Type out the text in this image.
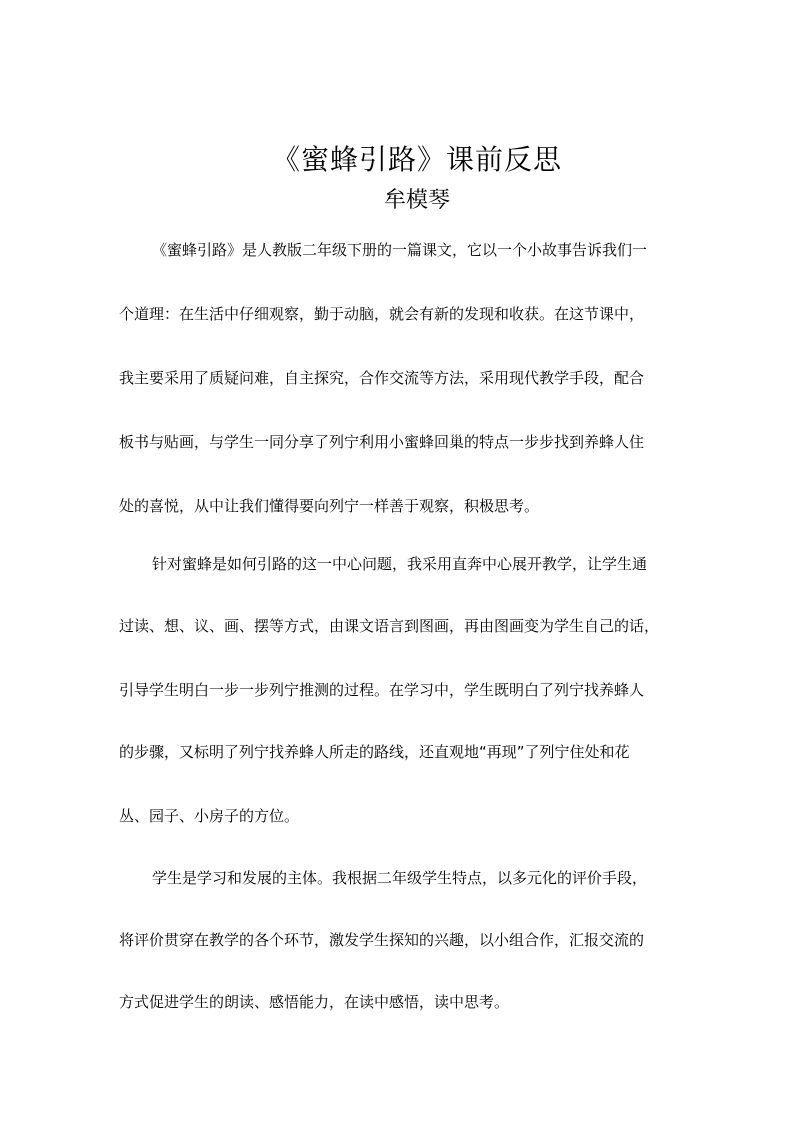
《蜜蜂引路》课前反思
牟模琴
《蜜蜂引路》是人教版二年级下册的一篇课文，它以一个小故事告诉我们一
个道理：在生活中仔细观察，勤于动脑，就会有新的发现和收获。在这节课中，
我主要采用了质疑问难，自主探究，合作交流等方法，采用现代教学手段，配合
板书与贴画，与学生一同分享了列宁利用小蜜蜂回巢的特点一步步找到养蜂人住
处的喜悦，从中让我们懂得要向列宁一样善于观察，积极思考。
针对蜜蜂是如何引路的这一中心问题，我采用直奔中心展开教学，让学生通
过读、想、议、画、摆等方式，由课文语言到图画，再由图画变为学生自己的话，
引导学生明白一步一步列宁推测的过程。在学习中，学生既明白了列宁找养蜂人
的步骤，又标明了列宁找养蜂人所走的路线，还直观地“再现”了列宁住处和花
丛、园子、小房子的方位。
学生是学习和发展的主体。我根据二年级学生特点，以多元化的评价手段，
将评价贯穿在教学的各个环节，激发学生探知的兴趣，以小组合作，汇报交流的
方式促进学生的朗读、感悟能力，在读中感悟，读中思考。
